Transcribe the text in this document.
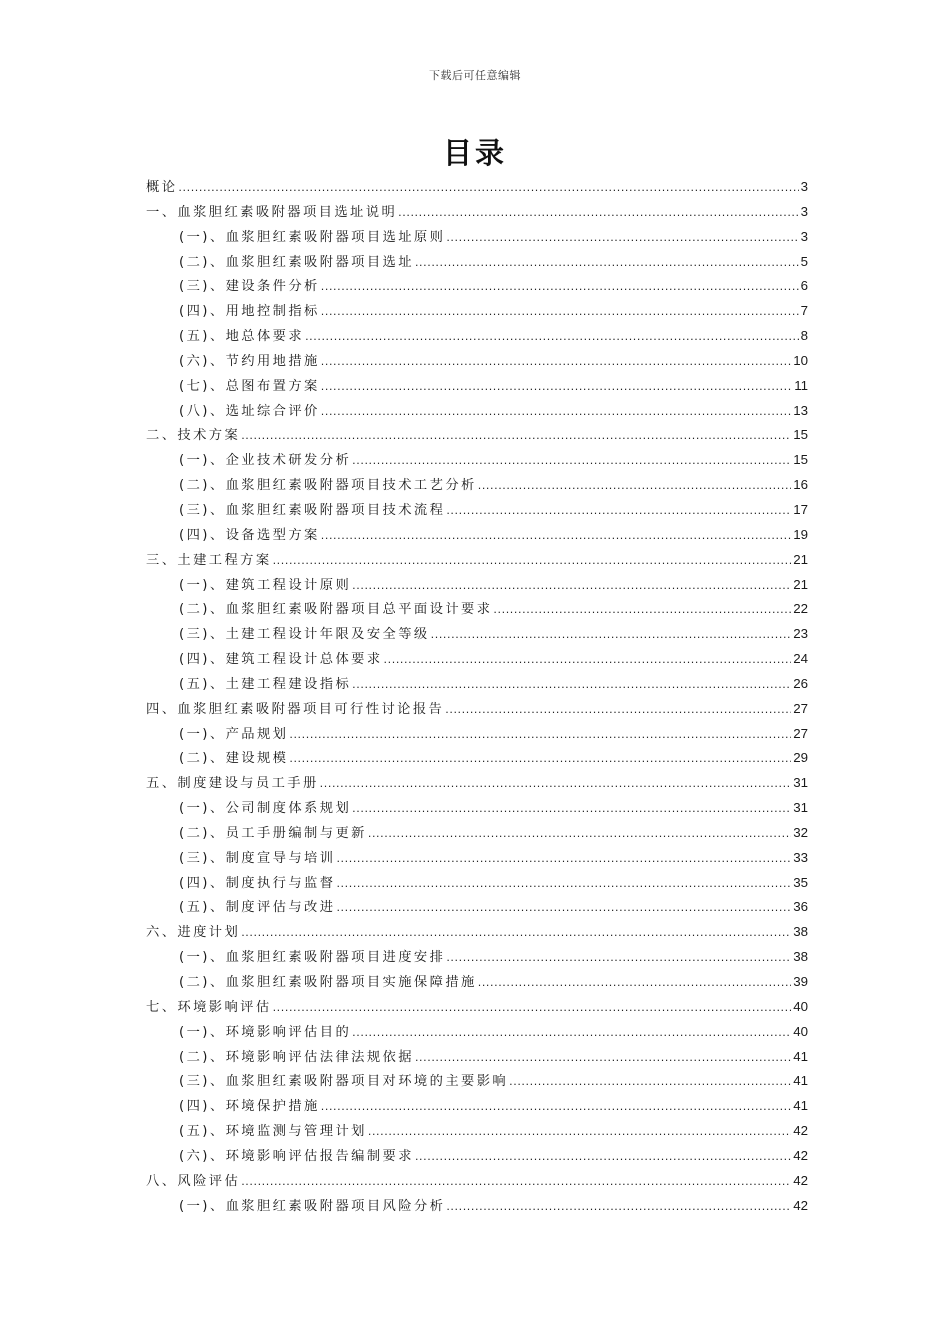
下载后可任意编辑
目录
概论 .....	3
一、血浆胆红素吸附器项目选址说明 .....	3
(一)、血浆胆红素吸附器项目选址原则 .....	3
(二)、血浆胆红素吸附器项目选址 .....	5
(三)、建设条件分析 .....	6
(四)、用地控制指标 .....	7
(五)、地总体要求 .....	8
(六)、节约用地措施 .....	10
(七)、总图布置方案 .....	11
(八)、选址综合评价 .....	13
二、技术方案 .....	15
(一)、企业技术研发分析 .....	15
(二)、血浆胆红素吸附器项目技术工艺分析 .....	16
(三)、血浆胆红素吸附器项目技术流程 .....	17
(四)、设备选型方案 .....	19
三、土建工程方案 .....	21
(一)、建筑工程设计原则 .....	21
(二)、血浆胆红素吸附器项目总平面设计要求 .....	22
(三)、土建工程设计年限及安全等级 .....	23
(四)、建筑工程设计总体要求 .....	24
(五)、土建工程建设指标 .....	26
四、血浆胆红素吸附器项目可行性讨论报告 .....	27
(一)、产品规划 .....	27
(二)、建设规模 .....	29
五、制度建设与员工手册 .....	31
(一)、公司制度体系规划 .....	31
(二)、员工手册编制与更新 .....	32
(三)、制度宣导与培训 .....	33
(四)、制度执行与监督 .....	35
(五)、制度评估与改进 .....	36
六、进度计划 .....	38
(一)、血浆胆红素吸附器项目进度安排 .....	38
(二)、血浆胆红素吸附器项目实施保障措施 .....	39
七、环境影响评估 .....	40
(一)、环境影响评估目的 .....	40
(二)、环境影响评估法律法规依据 .....	41
(三)、血浆胆红素吸附器项目对环境的主要影响 .....	41
(四)、环境保护措施 .....	41
(五)、环境监测与管理计划 .....	42
(六)、环境影响评估报告编制要求 .....	42
八、风险评估 .....	42
(一)、血浆胆红素吸附器项目风险分析 .....	42
